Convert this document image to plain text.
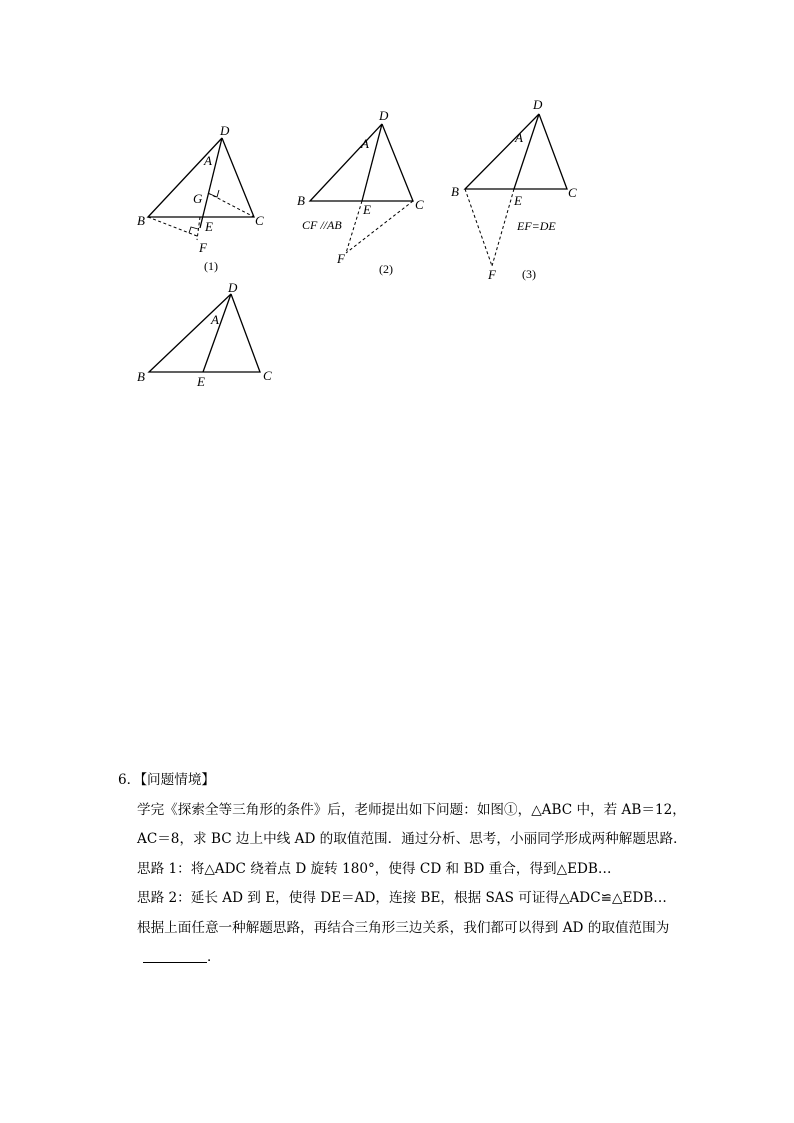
D
A
G
B	E	C
F
(1)
D
A
B
E	C
F
CF //AB
(2)
D
A
B
E
C
F
EF=DE
(3)
D
A
B	E	C

6．【问题情境】

学完《探索全等三角形的条件》后，老师提出如下问题：如图①，△ABC 中，若 AB＝12，AC＝8，求 BC 边上中线 AD 的取值范围．通过分析、思考，小丽同学形成两种解题思路．

思路 1：将△ADC 绕着点 D 旋转 180°，使得 CD 和 BD 重合，得到△EDB…

思路 2：延长 AD 到 E，使得 DE＝AD，连接 BE，根据 SAS 可证得△ADC≌△EDB…

根据上面任意一种解题思路，再结合三角形三边关系，我们都可以得到 AD 的取值范围为．
